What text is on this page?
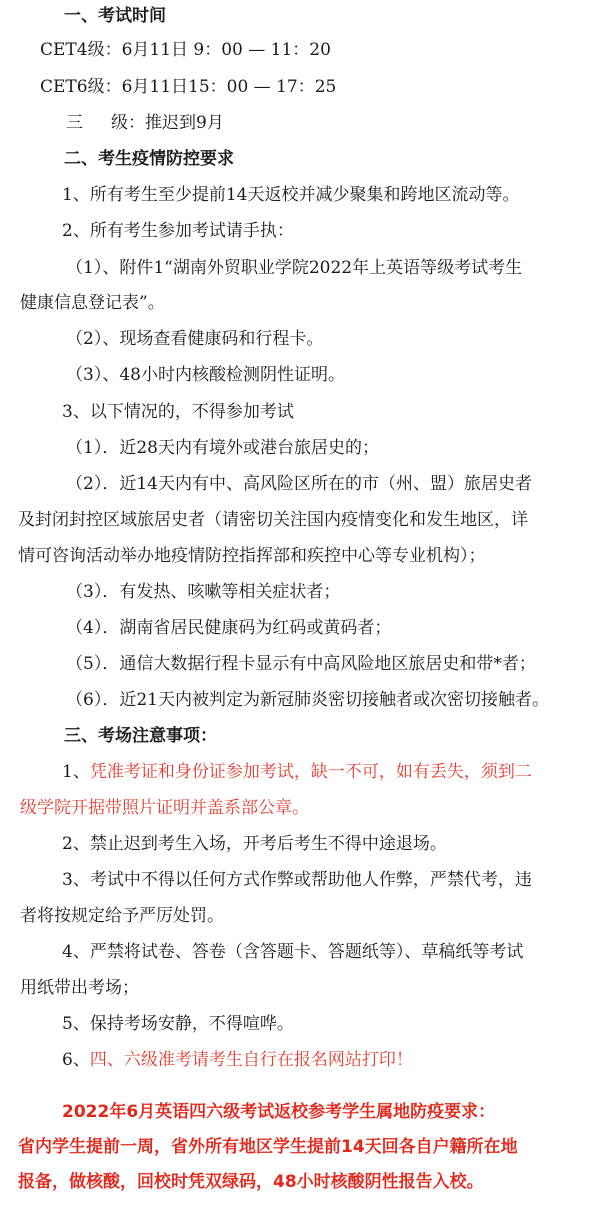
一、考试时间
CET4级：6月11日 9：00 — 11：20
CET6级：6月11日15：00 — 17：25
三 级：推迟到9月
二、考生疫情防控要求
1、所有考生至少提前14天返校并减少聚集和跨地区流动等。
2、所有考生参加考试请手执：
（1）、附件1“湖南外贸职业学院2022年上英语等级考试考生
健康信息登记表”。
（2）、现场查看健康码和行程卡。
（3）、48小时内核酸检测阴性证明。
3、以下情况的，不得参加考试
（1）．近28天内有境外或港台旅居史的；
（2）．近14天内有中、高风险区所在的市（州、盟）旅居史者
及封闭封控区域旅居史者（请密切关注国内疫情变化和发生地区，详
情可咨询活动举办地疫情防控指挥部和疾控中心等专业机构）；
（3）．有发热、咳嗽等相关症状者；
（4）．湖南省居民健康码为红码或黄码者；
（5）．通信大数据行程卡显示有中高风险地区旅居史和带*者；
（6）．近21天内被判定为新冠肺炎密切接触者或次密切接触者。
三、考场注意事项：
1、凭准考证和身份证参加考试，缺一不可，如有丢失，须到二
级学院开据带照片证明并盖系部公章。
2、禁止迟到考生入场，开考后考生不得中途退场。
3、考试中不得以任何方式作弊或帮助他人作弊，严禁代考，违
者将按规定给予严厉处罚。
4、严禁将试卷、答卷（含答题卡、答题纸等）、草稿纸等考试
用纸带出考场；
5、保持考场安静，不得喧哗。
6、四、六级准考请考生自行在报名网站打印！
2022年6月英语四六级考试返校参考学生属地防疫要求：
省内学生提前一周，省外所有地区学生提前14天回各自户籍所在地
报备，做核酸，回校时凭双绿码，48小时核酸阴性报告入校。
